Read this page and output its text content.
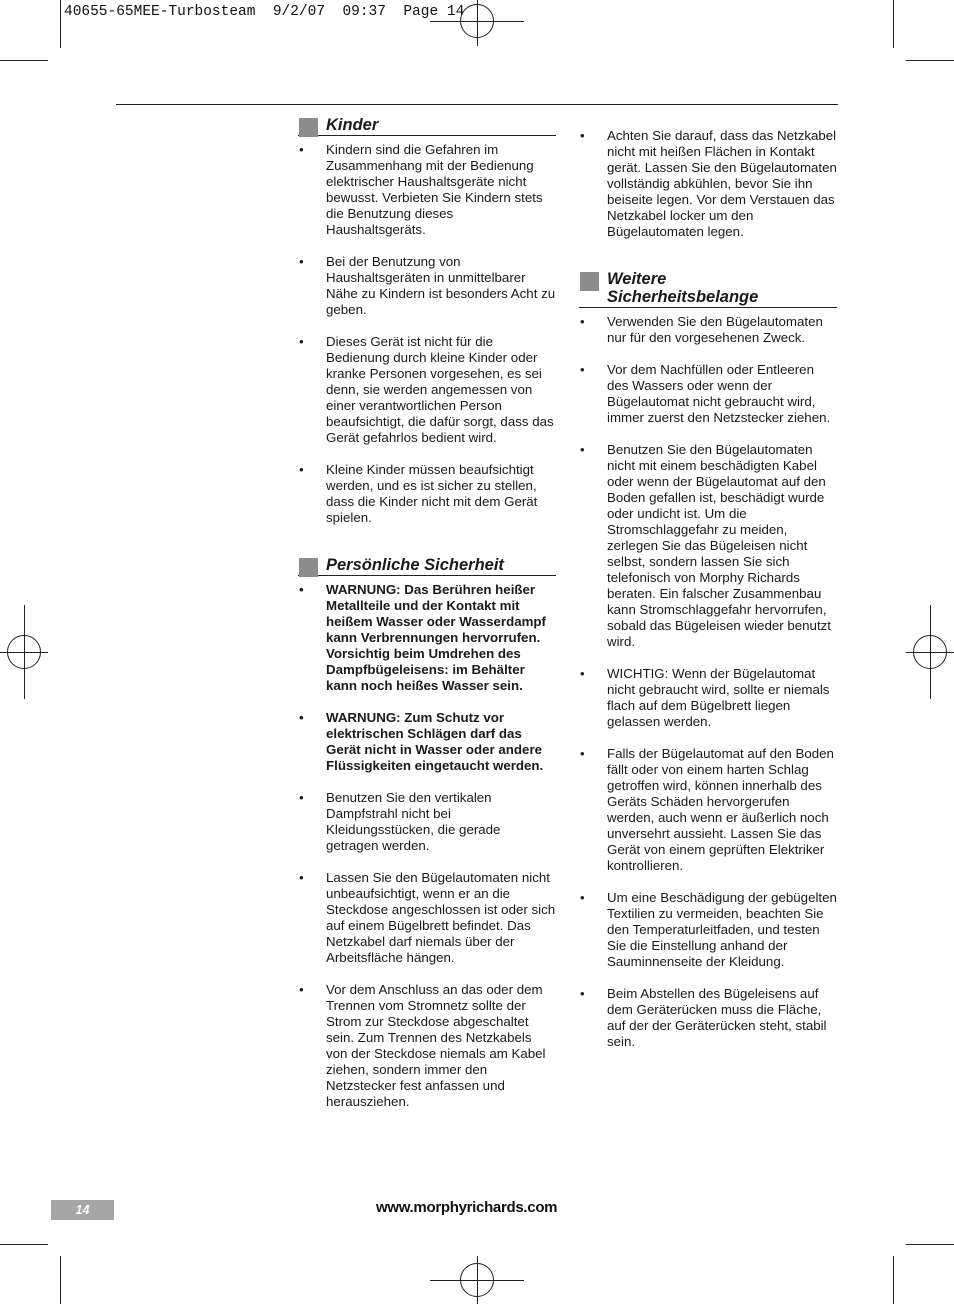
40655-65MEE-Turbosteam  9/2/07  09:37  Page 14
Kinder
• Kindern sind die Gefahren im Zusammenhang mit der Bedienung elektrischer Haushaltsgeräte nicht bewusst. Verbieten Sie Kindern stets die Benutzung dieses Haushaltsgeräts.
• Bei der Benutzung von Haushaltsgeräten in unmittelbarer Nähe zu Kindern ist besonders Acht zu geben.
• Dieses Gerät ist nicht für die Bedienung durch kleine Kinder oder kranke Personen vorgesehen, es sei denn, sie werden angemessen von einer verantwortlichen Person beaufsichtigt, die dafür sorgt, dass das Gerät gefahrlos bedient wird.
• Kleine Kinder müssen beaufsichtigt werden, und es ist sicher zu stellen, dass die Kinder nicht mit dem Gerät spielen.
Persönliche Sicherheit
• WARNUNG: Das Berühren heißer Metallteile und der Kontakt mit heißem Wasser oder Wasserdampf kann Verbrennungen hervorrufen. Vorsichtig beim Umdrehen des Dampfbügeleisens: im Behälter kann noch heißes Wasser sein.
• WARNUNG: Zum Schutz vor elektrischen Schlägen darf das Gerät nicht in Wasser oder andere Flüssigkeiten eingetaucht werden.
• Benutzen Sie den vertikalen Dampfstrahl nicht bei Kleidungsstücken, die gerade getragen werden.
• Lassen Sie den Bügelautomaten nicht unbeaufsichtigt, wenn er an die Steckdose angeschlossen ist oder sich auf einem Bügelbrett befindet. Das Netzkabel darf niemals über der Arbeitsfläche hängen.
• Vor dem Anschluss an das oder dem Trennen vom Stromnetz sollte der Strom zur Steckdose abgeschaltet sein. Zum Trennen des Netzkabels von der Steckdose niemals am Kabel ziehen, sondern immer den Netzstecker fest anfassen und herausziehen.
• Achten Sie darauf, dass das Netzkabel nicht mit heißen Flächen in Kontakt gerät. Lassen Sie den Bügelautomaten vollständig abkühlen, bevor Sie ihn beiseite legen. Vor dem Verstauen das Netzkabel locker um den Bügelautomaten legen.
Weitere
Sicherheitsbelange
• Verwenden Sie den Bügelautomaten nur für den vorgesehenen Zweck.
• Vor dem Nachfüllen oder Entleeren des Wassers oder wenn der Bügelautomat nicht gebraucht wird, immer zuerst den Netzstecker ziehen.
• Benutzen Sie den Bügelautomaten nicht mit einem beschädigten Kabel oder wenn der Bügelautomat auf den Boden gefallen ist, beschädigt wurde oder undicht ist. Um die Stromschlaggefahr zu meiden, zerlegen Sie das Bügeleisen nicht selbst, sondern lassen Sie sich telefonisch von Morphy Richards beraten. Ein falscher Zusammenbau kann Stromschlaggefahr hervorrufen, sobald das Bügeleisen wieder benutzt wird.
• WICHTIG: Wenn der Bügelautomat nicht gebraucht wird, sollte er niemals flach auf dem Bügelbrett liegen gelassen werden.
• Falls der Bügelautomat auf den Boden fällt oder von einem harten Schlag getroffen wird, können innerhalb des Geräts Schäden hervorgerufen werden, auch wenn er äußerlich noch unversehrt aussieht. Lassen Sie das Gerät von einem geprüften Elektriker kontrollieren.
• Um eine Beschädigung der gebügelten Textilien zu vermeiden, beachten Sie den Temperaturleitfaden, und testen Sie die Einstellung anhand der Sauminnenseite der Kleidung.
• Beim Abstellen des Bügeleisens auf dem Geräterücken muss die Fläche, auf der der Geräterücken steht, stabil sein.
14	www.morphyrichards.com
